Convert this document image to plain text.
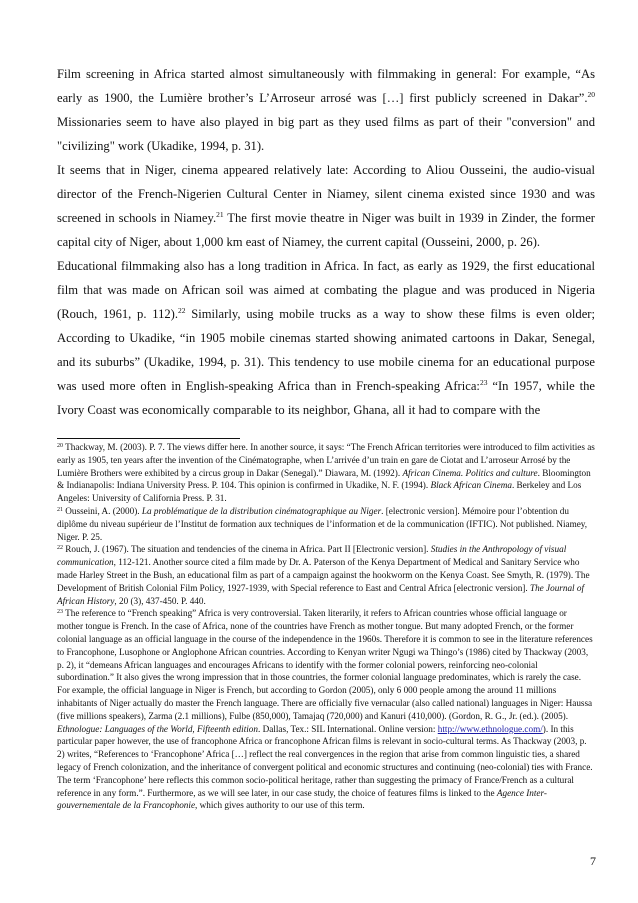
Film screening in Africa started almost simultaneously with filmmaking in general: For example, “As early as 1900, the Lumière brother’s L’Arroseur arrosé was […] first publicly screened in Dakar”.$^{20}$ Missionaries seem to have also played in big part as they used films as part of their "conversion" and "civilizing" work (Ukadike, 1994, p. 31).

It seems that in Niger, cinema appeared relatively late: According to Aliou Ousseini, the audio-visual director of the French-Nigerien Cultural Center in Niamey, silent cinema existed since 1930 and was screened in schools in Niamey.$^{21}$ The first movie theatre in Niger was built in 1939 in Zinder, the former capital city of Niger, about 1,000 km east of Niamey, the current capital (Ousseini, 2000, p. 26).

Educational filmmaking also has a long tradition in Africa. In fact, as early as 1929, the first educational film that was made on African soil was aimed at combating the plague and was produced in Nigeria (Rouch, 1961, p. 112).$^{22}$ Similarly, using mobile trucks as a way to show these films is even older; According to Ukadike, “in 1905 mobile cinemas started showing animated cartoons in Dakar, Senegal, and its suburbs” (Ukadike, 1994, p. 31). This tendency to use mobile cinema for an educational purpose was used more often in English-speaking Africa than in French-speaking Africa:$^{23}$ “In 1957, while the Ivory Coast was economically comparable to its neighbor, Ghana, all it had to compare with the

$^{20}$ Thackway, M. (2003). P. 7. The views differ here. In another source, it says: “The French African territories were introduced to film activities as early as 1905, ten years after the invention of the Cinématographe, when L’arrivée d’un train en gare de Ciotat and L’arroseur Arrosé by the Lumière Brothers were exhibited by a circus group in Dakar (Senegal).” Diawara, M. (1992). African Cinema. Politics and culture. Bloomington & Indianapolis: Indiana University Press. P. 104. This opinion is confirmed in Ukadike, N. F. (1994). Black African Cinema. Berkeley and Los Angeles: University of California Press. P. 31.

$^{21}$ Ousseini, A. (2000). La problématique de la distribution cinématographique au Niger. [electronic version]. Mémoire pour l’obtention du diplôme du niveau supérieur de l’Institut de formation aux techniques de l’information et de la communication (IFTIC). Not published. Niamey, Niger. P. 25.

$^{22}$ Rouch, J. (1967). The situation and tendencies of the cinema in Africa. Part II [Electronic version]. Studies in the Anthropology of visual communication, 112-121. Another source cited a film made by Dr. A. Paterson of the Kenya Department of Medical and Sanitary Service who made Harley Street in the Bush, an educational film as part of a campaign against the hookworm on the Kenya Coast. See Smyth, R. (1979). The Development of British Colonial Film Policy, 1927-1939, with Special reference to East and Central Africa [electronic version]. The Journal of African History, 20 (3), 437-450. P. 440.

$^{23}$ The reference to “French speaking” Africa is very controversial. Taken literarily, it refers to African countries whose official language or mother tongue is French. In the case of Africa, none of the countries have French as mother tongue. But many adopted French, or the former colonial language as an official language in the course of the independence in the 1960s. Therefore it is common to see in the literature references to Francophone, Lusophone or Anglophone African countries. According to Kenyan writer Ngugi wa Thingo’s (1986) cited by Thackway (2003, p. 2), it “demeans African languages and encourages Africans to identify with the former colonial powers, reinforcing neo-colonial subordination.” It also gives the wrong impression that in those countries, the former colonial language predominates, which is rarely the case. For example, the official language in Niger is French, but according to Gordon (2005), only 6 000 people among the around 11 millions inhabitants of Niger actually do master the French language. There are officially five vernacular (also called national) languages in Niger: Haussa (five millions speakers), Zarma (2.1 millions), Fulbe (850,000), Tamajaq (720,000) and Kanuri (410,000). (Gordon, R. G., Jr. (ed.). (2005). Ethnologue: Languages of the World, Fifteenth edition. Dallas, Tex.: SIL International. Online version: http://www.ethnologue.com/). In this particular paper however, the use of francophone Africa or francophone African films is relevant in socio-cultural terms. As Thackway (2003, p. 2) writes, “References to ‘Francophone’ Africa […] reflect the real convergences in the region that arise from common linguistic ties, a shared legacy of French colonization, and the inheritance of convergent political and economic structures and continuing (neo-colonial) ties with France. The term ‘Francophone’ here reflects this common socio-political heritage, rather than suggesting the primacy of France/French as a cultural reference in any form.”. Furthermore, as we will see later, in our case study, the choice of features films is linked to the Agence Inter-gouvernementale de la Francophonie, which gives authority to our use of this term.

7
